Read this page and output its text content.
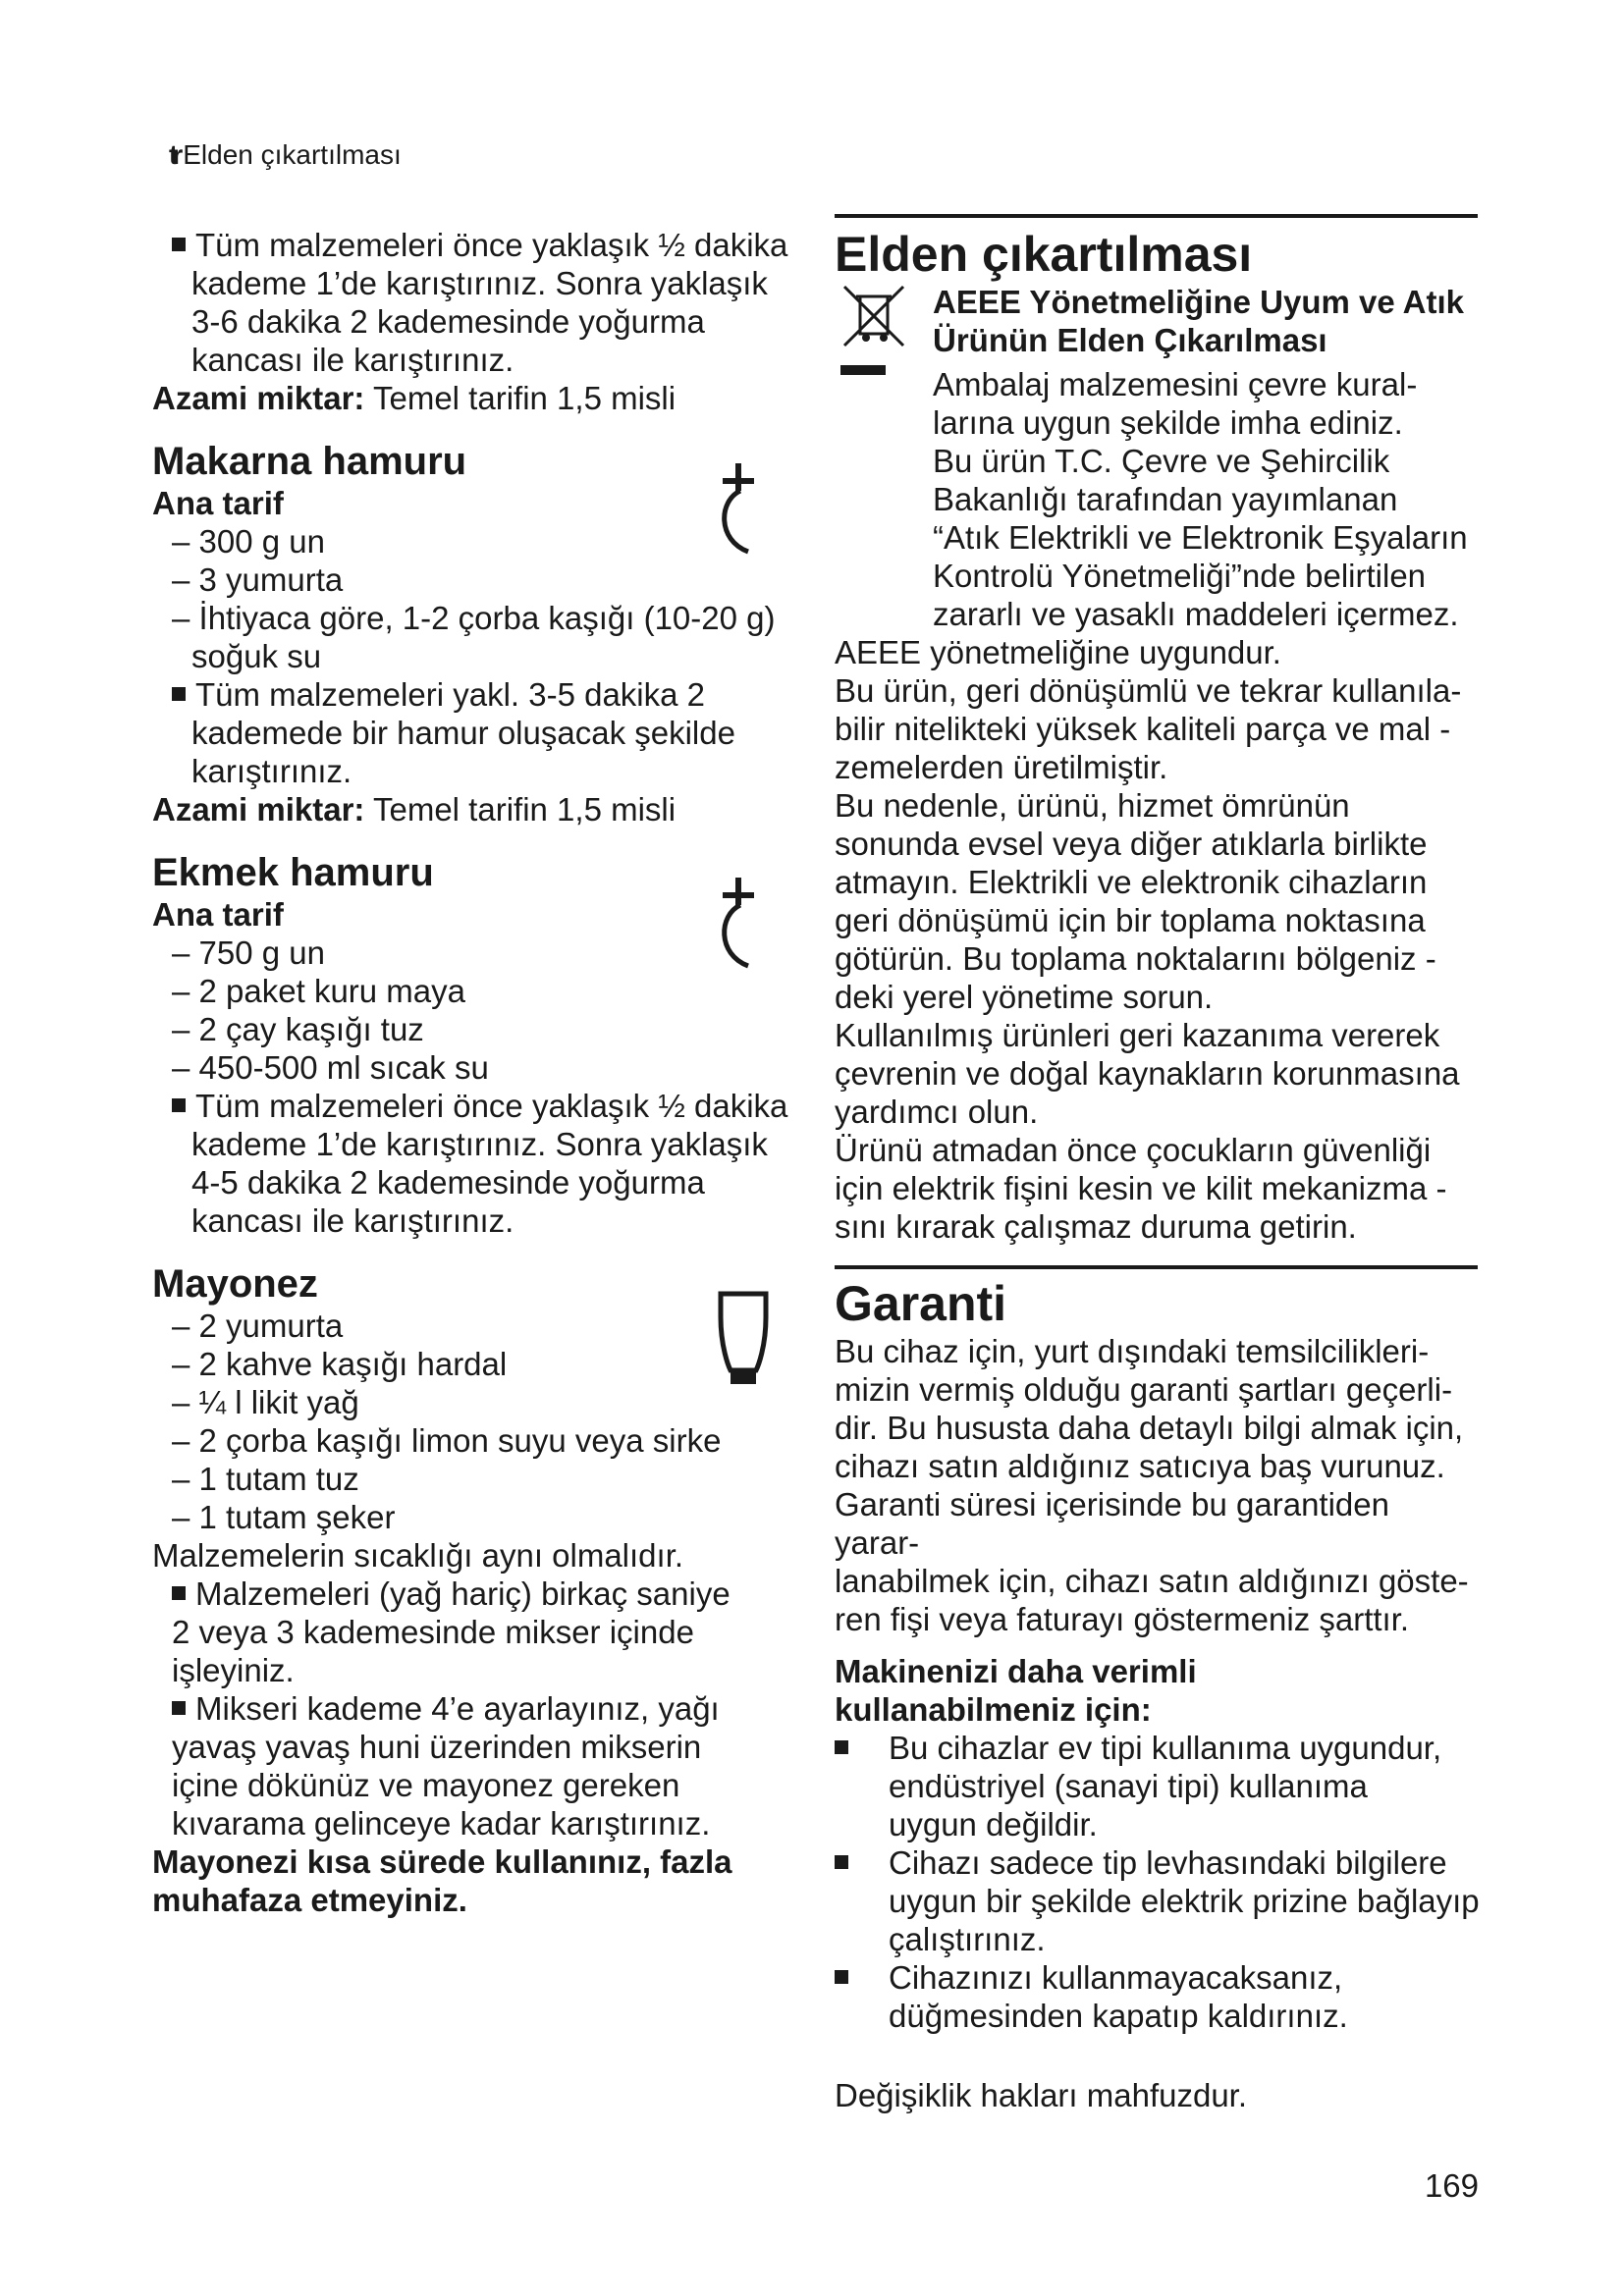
tr Elden çıkartılması
Tüm malzemeleri önce yaklaşık ½ dakika
kademe 1’de karıştırınız. Sonra yaklaşık
3-6 dakika 2 kademesinde yoğurma
kancası ile karıştırınız.
Azami miktar: Temel tarifin 1,5 misli
Makarna hamuru
Ana tarif
– 300 g un
– 3 yumurta
– İhtiyaca göre, 1-2 çorba kaşığı (10-20 g)
soğuk su
Tüm malzemeleri yakl. 3-5 dakika 2
kademede bir hamur oluşacak şekilde
karıştırınız.
Azami miktar: Temel tarifin 1,5 misli
Ekmek hamuru
Ana tarif
– 750 g un
– 2 paket kuru maya
– 2 çay kaşığı tuz
– 450-500 ml sıcak su
Tüm malzemeleri önce yaklaşık ½ dakika
kademe 1’de karıştırınız. Sonra yaklaşık
4-5 dakika 2 kademesinde yoğurma
kancası ile karıştırınız.
Mayonez
– 2 yumurta
– 2 kahve kaşığı hardal
– ¼ l likit yağ
– 2 çorba kaşığı limon suyu veya sirke
– 1 tutam tuz
– 1 tutam şeker
Malzemelerin sıcaklığı aynı olmalıdır.
Malzemeleri (yağ hariç) birkaç saniye
2 veya 3 kademesinde mikser içinde
işleyiniz.
Mikseri kademe 4’e ayarlayınız, yağı
yavaş yavaş huni üzerinden mikserin
içine dökünüz ve mayonez gereken
kıvarama gelinceye kadar karıştırınız.
Mayonezi kısa sürede kullanınız, fazla
muhafaza etmeyiniz.
Elden çıkartılması
AEEE Yönetmeliğine Uyum ve Atık
Ürünün Elden Çıkarılması
Ambalaj malzemesini çevre kural-
larına uygun şekilde imha ediniz.
Bu ürün T.C. Çevre ve Şehircilik
Bakanlığı tarafından yayımlanan
“Atık Elektrikli ve Elektronik Eşyaların
Kontrolü Yönetmeliği”nde belirtilen
zararlı ve yasaklı maddeleri içermez.
AEEE yönetmeliğine uygundur.
Bu ürün, geri dönüşümlü ve tekrar kullanıla-
bilir nitelikteki yüksek kaliteli parça ve mal -
zemelerden üretilmiştir.
Bu nedenle, ürünü, hizmet ömrünün
sonunda evsel veya diğer atıklarla birlikte
atmayın. Elektrikli ve elektronik cihazların
geri dönüşümü için bir toplama noktasına
götürün. Bu toplama noktalarını bölgeniz -
deki yerel yönetime sorun.
Kullanılmış ürünleri geri kazanıma vererek
çevrenin ve doğal kaynakların korunmasına
yardımcı olun.
Ürünü atmadan önce çocukların güvenliği
için elektrik fişini kesin ve kilit mekanizma -
sını kırarak çalışmaz duruma getirin.
Garanti
Bu cihaz için, yurt dışındaki temsilcilikleri-
mizin vermiş olduğu garanti şartları geçerli-
dir. Bu hususta daha detaylı bilgi almak için,
cihazı satın aldığınız satıcıya baş vurunuz.
Garanti süresi içerisinde bu garantiden yarar-
lanabilmek için, cihazı satın aldığınızı göste-
ren fişi veya faturayı göstermeniz şarttır.
Makinenizi daha verimli
kullanabilmeniz için:
Bu cihazlar ev tipi kullanıma uygundur,
endüstriyel (sanayi tipi) kullanıma
uygun değildir.
Cihazı sadece tip levhasındaki bilgilere
uygun bir şekilde elektrik prizine bağlayıp
çalıştırınız.
Cihazınızı kullanmayacaksanız,
düğmesinden kapatıp kaldırınız.
Değişiklik hakları mahfuzdur.
169
